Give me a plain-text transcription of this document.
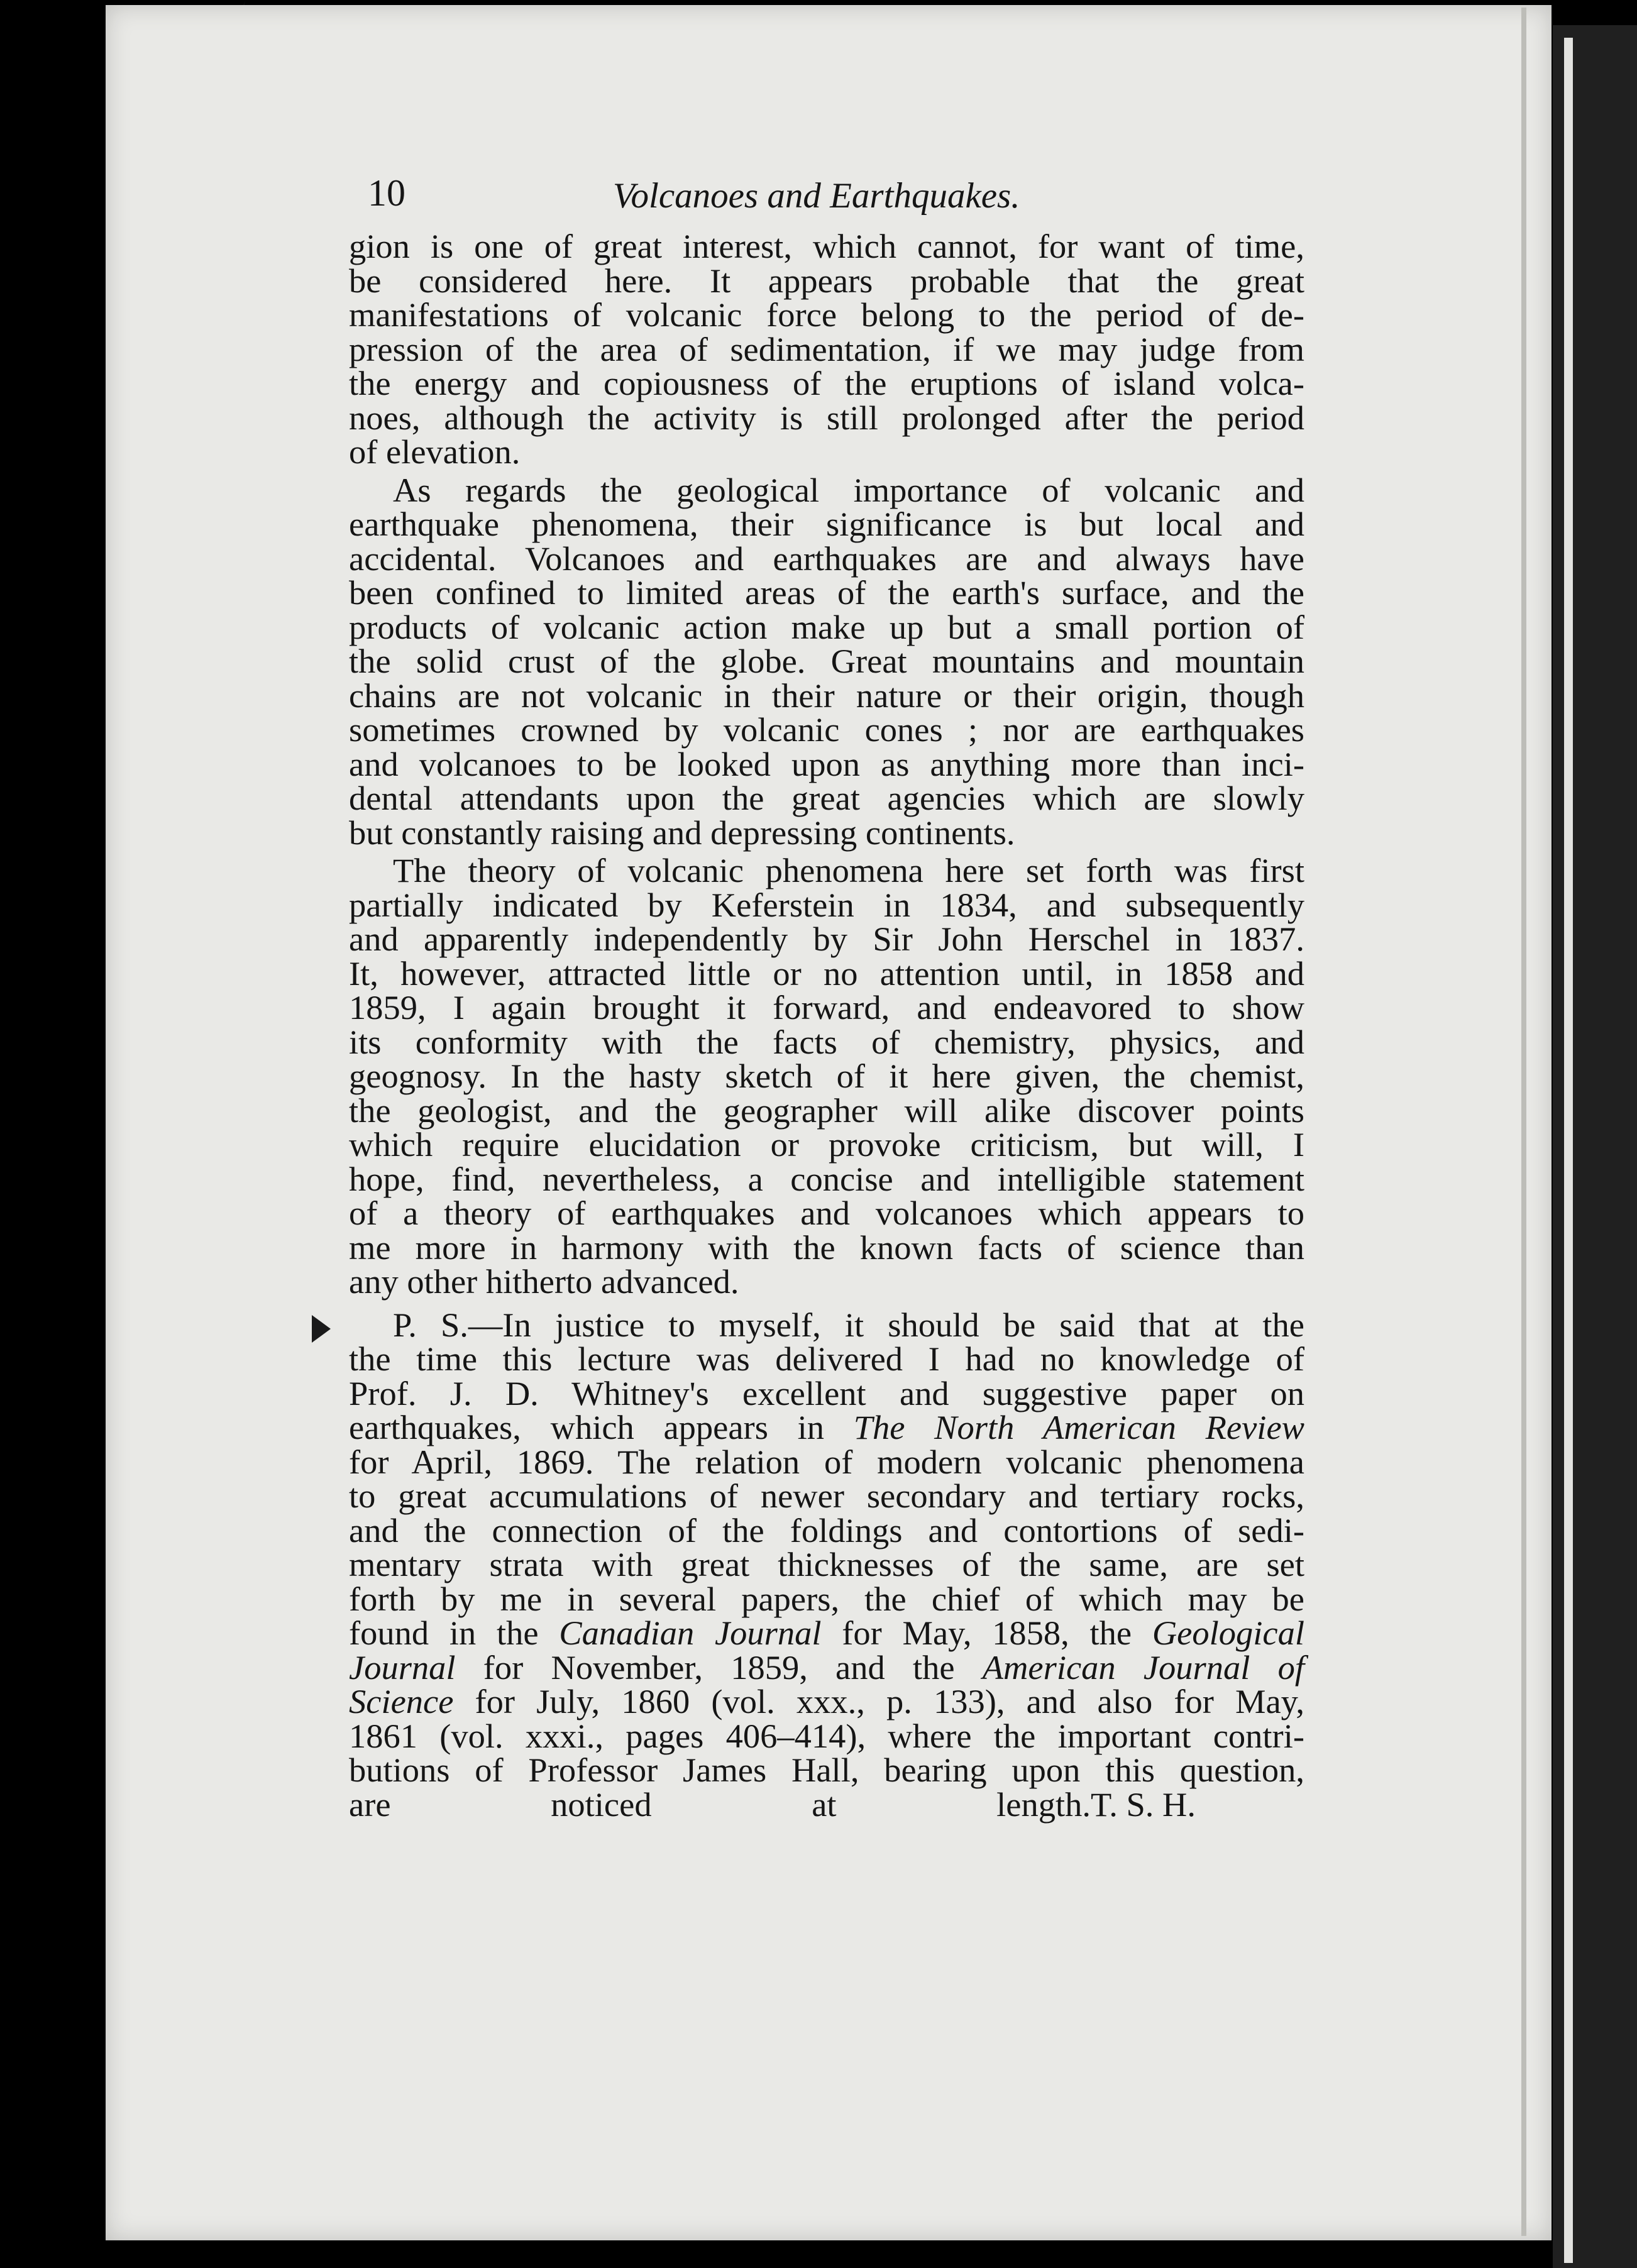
10	Volcanoes and Earthquakes.
gion is one of great interest, which cannot, for want of time,
be considered here. It appears probable that the great
manifestations of volcanic force belong to the period of de-
pression of the area of sedimentation, if we may judge from
the energy and copiousness of the eruptions of island volca-
noes, although the activity is still prolonged after the period
of elevation.
As regards the geological importance of volcanic and
earthquake phenomena, their significance is but local and
accidental. Volcanoes and earthquakes are and always have
been confined to limited areas of the earth's surface, and the
products of volcanic action make up but a small portion of
the solid crust of the globe. Great mountains and mountain
chains are not volcanic in their nature or their origin, though
sometimes crowned by volcanic cones ; nor are earthquakes
and volcanoes to be looked upon as anything more than inci-
dental attendants upon the great agencies which are slowly
but constantly raising and depressing continents.
The theory of volcanic phenomena here set forth was first
partially indicated by Keferstein in 1834, and subsequently
and apparently independently by Sir John Herschel in 1837.
It, however, attracted little or no attention until, in 1858 and
1859, I again brought it forward, and endeavored to show
its conformity with the facts of chemistry, physics, and
geognosy. In the hasty sketch of it here given, the chemist,
the geologist, and the geographer will alike discover points
which require elucidation or provoke criticism, but will, I
hope, find, nevertheless, a concise and intelligible statement
of a theory of earthquakes and volcanoes which appears to
me more in harmony with the known facts of science than
any other hitherto advanced.
P. S.—In justice to myself, it should be said that at the
the time this lecture was delivered I had no knowledge of
Prof. J. D. Whitney's excellent and suggestive paper on
earthquakes, which appears in The North American Review
for April, 1869. The relation of modern volcanic phenomena
to great accumulations of newer secondary and tertiary rocks,
and the connection of the foldings and contortions of sedi-
mentary strata with great thicknesses of the same, are set
forth by me in several papers, the chief of which may be
found in the Canadian Journal for May, 1858, the Geological
Journal for November, 1859, and the American Journal of
Science for July, 1860 (vol. xxx., p. 133), and also for May,
1861 (vol. xxxi., pages 406–414), where the important contri-
butions of Professor James Hall, bearing upon this question,
are noticed at length.T. S. H.
